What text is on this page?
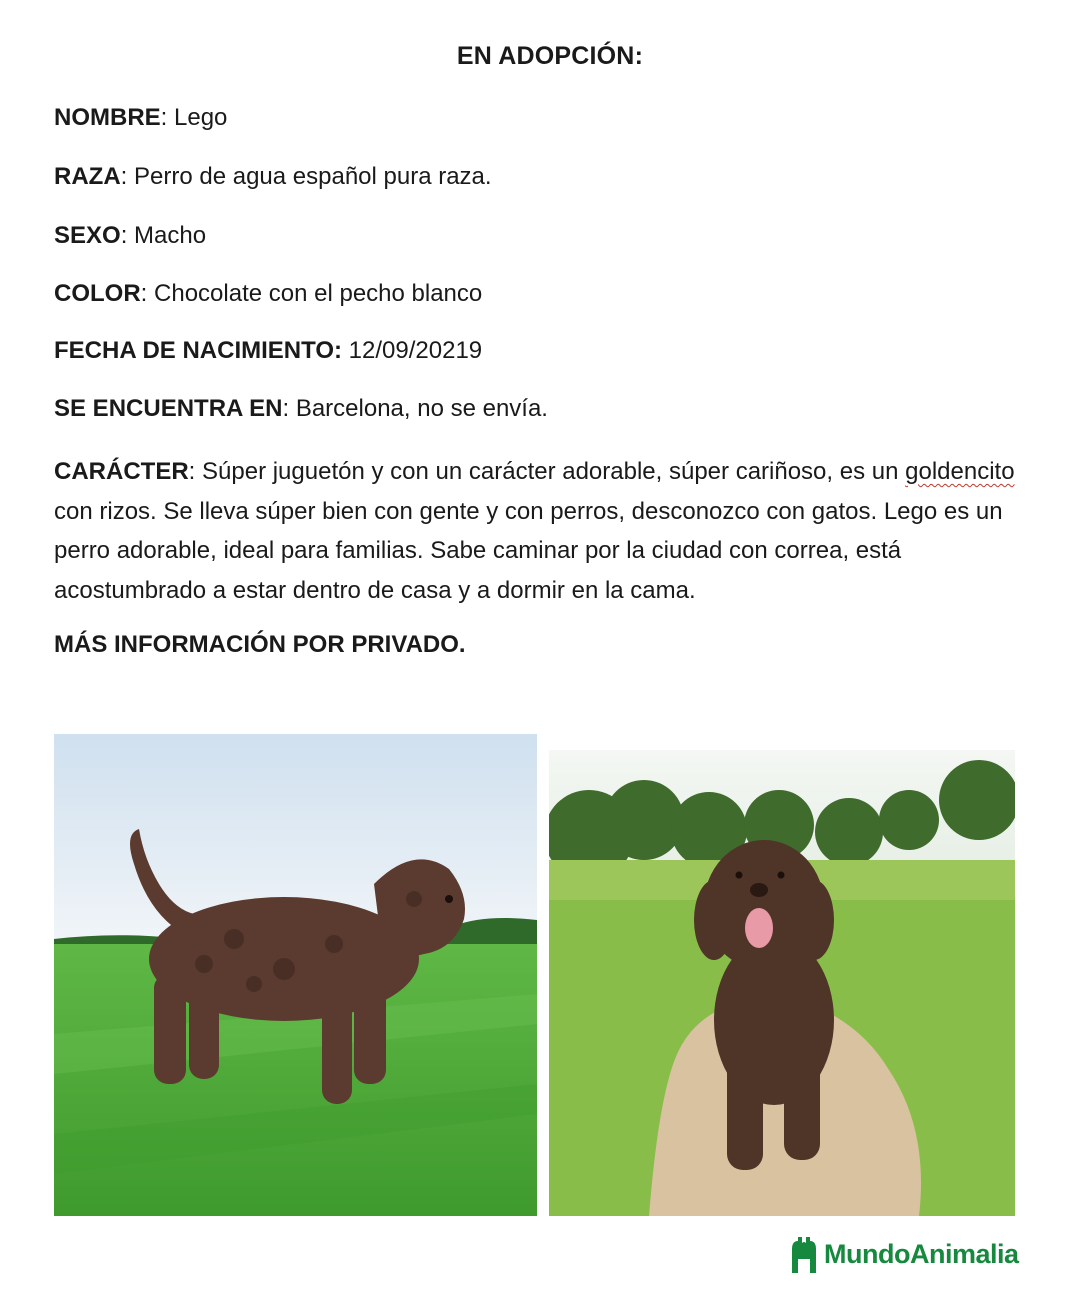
EN ADOPCIÓN:
NOMBRE: Lego
RAZA: Perro de agua español pura raza.
SEXO: Macho
COLOR: Chocolate con el pecho blanco
FECHA DE NACIMIENTO: 12/09/20219
SE ENCUENTRA EN: Barcelona, no se envía.
CARÁCTER: Súper juguetón y con un carácter adorable, súper cariñoso, es un goldencito con rizos. Se lleva súper bien con gente y con perros, desconozco con gatos. Lego es un perro adorable, ideal para familias. Sabe caminar por la ciudad con correa, está acostumbrado a estar dentro de casa y a dormir en la cama.
MÁS INFORMACIÓN POR PRIVADO.
MundoAnimalia
